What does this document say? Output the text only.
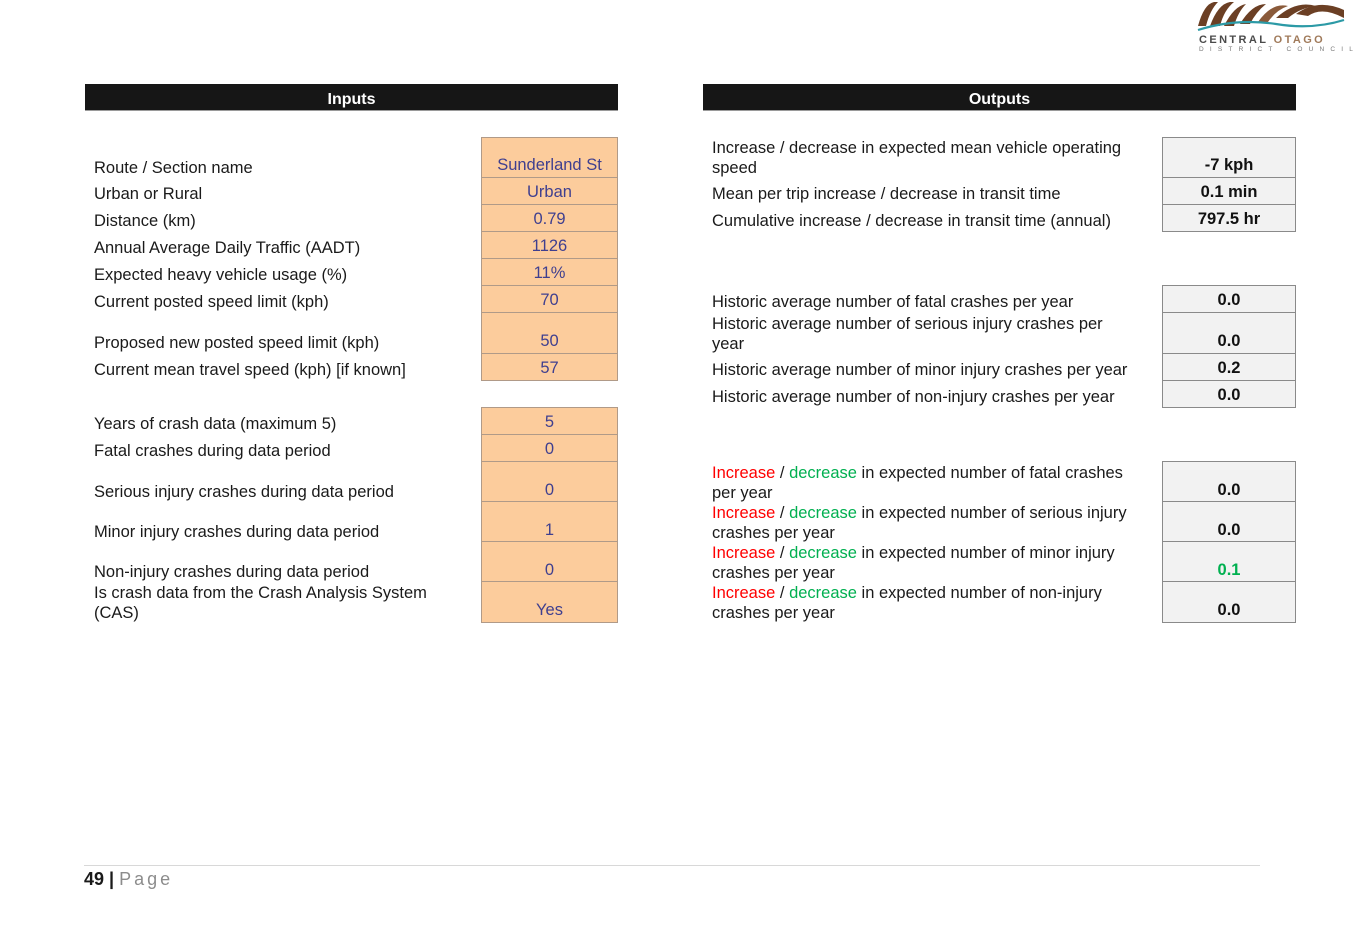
CENTRAL OTAGO
DISTRICT COUNCIL
Inputs	Outputs
Route / Section name	Sunderland St
Urban or Rural	Urban
Distance (km)	0.79
Annual Average Daily Traffic (AADT)	1126
Expected heavy vehicle usage (%)	11%
Current posted speed limit (kph)	70
Proposed new posted speed limit (kph)	50
Current mean travel speed (kph) [if known]	57
Years of crash data (maximum 5)	5
Fatal crashes during data period	0
Serious injury crashes during data period	0
Minor injury crashes during data period	1
Non-injury crashes during data period	0
Is crash data from the Crash Analysis System
(CAS)	Yes
Increase / decrease in expected mean vehicle operating
speed	-7 kph
Mean per trip increase / decrease in transit time	0.1 min
Cumulative increase / decrease in transit time (annual)	797.5 hr
Historic average number of fatal crashes per year	0.0
Historic average number of serious injury crashes per
year	0.0
Historic average number of minor injury crashes per year	0.2
Historic average number of non-injury crashes per year	0.0
Increase / decrease in expected number of fatal crashes
per year	0.0
Increase / decrease in expected number of serious injury
crashes per year	0.0
Increase / decrease in expected number of minor injury
crashes per year	0.1
Increase / decrease in expected number of non-injury
crashes per year	0.0
49 | Page
